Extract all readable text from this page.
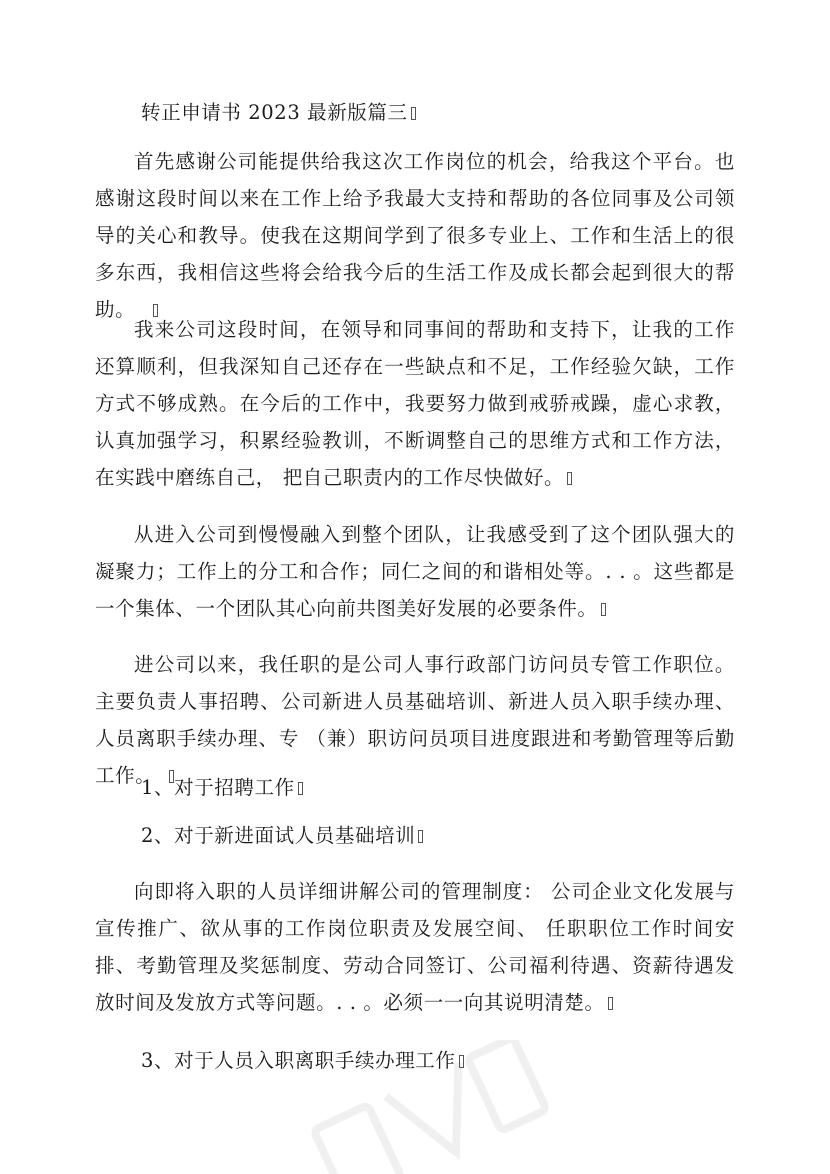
转正申请书 2023 最新版篇三

首先感谢公司能提供给我这次工作岗位的机会，给我这个平台。也感谢这段时间以来在工作上给予我最大支持和帮助的各位同事及公司领导的关心和教导。使我在这期间学到了很多专业上、工作和生活上的很多东西，我相信这些将会给我今后的生活工作及成长都会起到很大的帮助。

我来公司这段时间，在领导和同事间的帮助和支持下，让我的工作还算顺利，但我深知自己还存在一些缺点和不足，工作经验欠缺，工作方式不够成熟。在今后的工作中，我要努力做到戒骄戒躁，虚心求教，认真加强学习，积累经验教训，不断调整自己的思维方式和工作方法，在实践中磨练自己， 把自己职责内的工作尽快做好。

从进入公司到慢慢融入到整个团队，让我感受到了这个团队强大的凝聚力；工作上的分工和合作；同仁之间的和谐相处等。. . 。这些都是一个集体、一个团队其心向前共图美好发展的必要条件。

进公司以来，我任职的是公司人事行政部门访问员专管工作职位。 主要负责人事招聘、公司新进人员基础培训、新进人员入职手续办理、人员离职手续办理、专 （兼）职访问员项目进度跟进和考勤管理等后勤工作。

1、对于招聘工作

2、对于新进面试人员基础培训

向即将入职的人员详细讲解公司的管理制度： 公司企业文化发展与宣传推广、欲从事的工作岗位职责及发展空间、 任职职位工作时间安排、考勤管理及奖惩制度、劳动合同签订、公司福利待遇、资薪待遇发放时间及发放方式等问题。. . 。必须一一向其说明清楚。

3、对于人员入职离职手续办理工作
